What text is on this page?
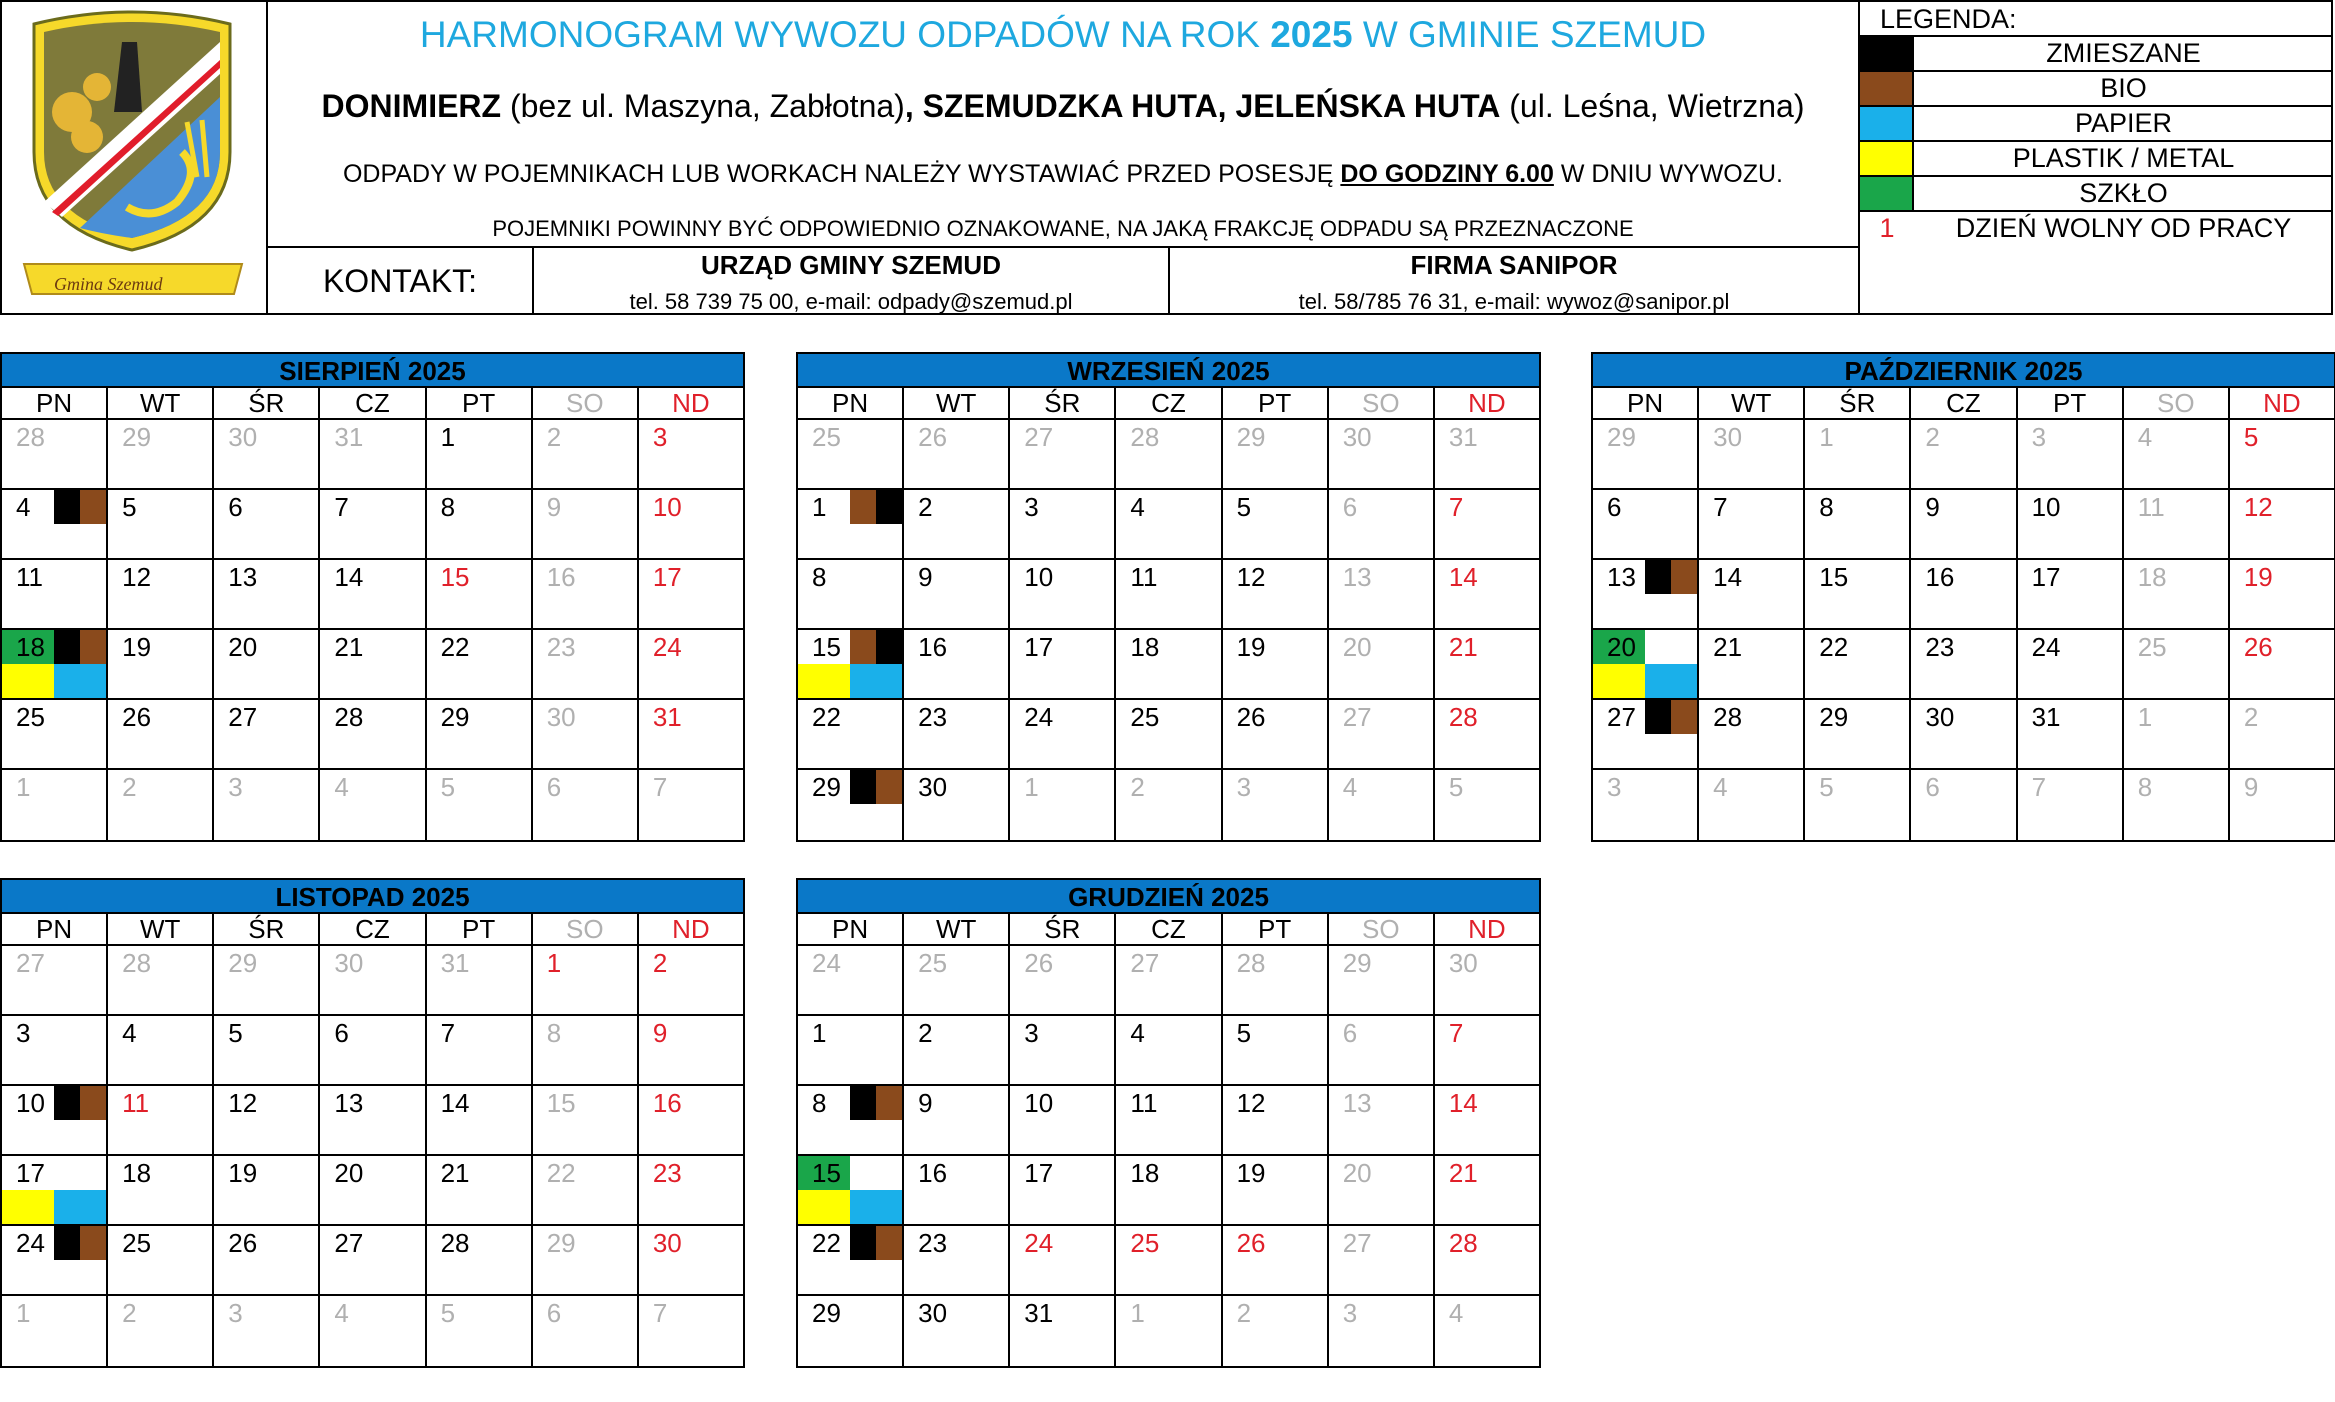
Gmina Szemud
HARMONOGRAM WYWOZU ODPADÓW NA ROK 2025 W GMINIE SZEMUD
DONIMIERZ (bez ul. Maszyna, Zabłotna), SZEMUDZKA HUTA, JELEŃSKA HUTA (ul. Leśna, Wietrzna)
ODPADY W POJEMNIKACH LUB WORKACH NALEŻY WYSTAWIAĆ PRZED POSESJĘ DO GODZINY 6.00 W DNIU WYWOZU.
POJEMNIKI POWINNY BYĆ ODPOWIEDNIO OZNAKOWANE, NA JAKĄ FRAKCJĘ ODPADU SĄ PRZEZNACZONE
KONTAKT:	URZĄD GMINY SZEMUD
tel. 58 739 75 00, e-mail: odpady@szemud.pl
FIRMA SANIPOR
tel. 58/785 76 31, e-mail: wywoz@sanipor.pl
LEGENDA:
ZMIESZANE
BIO
PAPIER
PLASTIK / METAL
SZKŁO
1	DZIEŃ WOLNY OD PRACY
SIERPIEŃ 2025
PN	WT	ŚR	CZ	PT	SO	ND
28	29	30	31	1	2	3
4	5	6	7	8	9	10
11	12	13	14	15	16	17
18	19	20	21	22	23	24
25	26	27	28	29	30	31
1	2	3	4	5	6	7
WRZESIEŃ 2025
PN	WT	ŚR	CZ	PT	SO	ND
25	26	27	28	29	30	31
1	2	3	4	5	6	7
8	9	10	11	12	13	14
15	16	17	18	19	20	21
22	23	24	25	26	27	28
29	30	1	2	3	4	5
PAŹDZIERNIK 2025
PN	WT	ŚR	CZ	PT	SO	ND
29	30	1	2	3	4	5
6	7	8	9	10	11	12
13	14	15	16	17	18	19
20	21	22	23	24	25	26
27	28	29	30	31	1	2
3	4	5	6	7	8	9
LISTOPAD 2025
PN	WT	ŚR	CZ	PT	SO	ND
27	28	29	30	31	1	2
3	4	5	6	7	8	9
10	11	12	13	14	15	16
17	18	19	20	21	22	23
24	25	26	27	28	29	30
1	2	3	4	5	6	7
GRUDZIEŃ 2025
PN	WT	ŚR	CZ	PT	SO	ND
24	25	26	27	28	29	30
1	2	3	4	5	6	7
8	9	10	11	12	13	14
15	16	17	18	19	20	21
22	23	24	25	26	27	28
29	30	31	1	2	3	4
